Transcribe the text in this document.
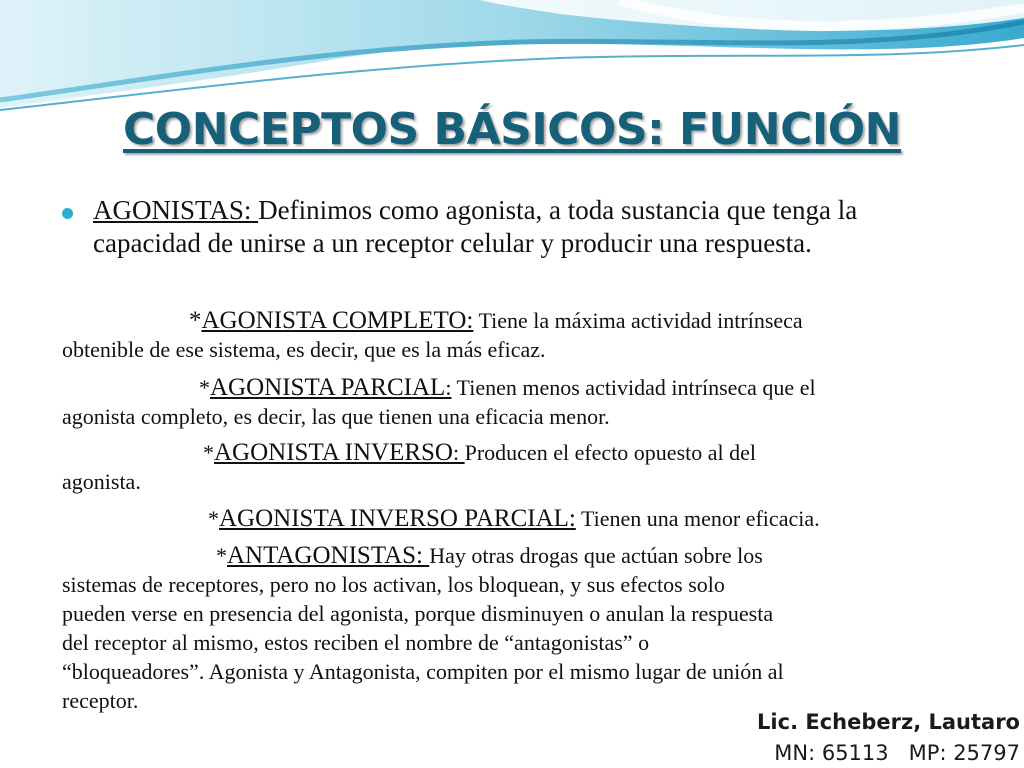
CONCEPTOS BÁSICOS: FUNCIÓN

AGONISTAS: Definimos como agonista, a toda sustancia que tenga la capacidad de unirse a un receptor celular y producir una respuesta.

*AGONISTA COMPLETO: Tiene la máxima actividad intrínseca
obtenible de ese sistema, es decir, que es la más eficaz.

*AGONISTA PARCIAL: Tienen menos actividad intrínseca que el
agonista completo, es decir, las que tienen una eficacia menor.

*AGONISTA INVERSO: Producen el efecto opuesto al del
agonista.

*AGONISTA INVERSO PARCIAL: Tienen una menor eficacia.

*ANTAGONISTAS: Hay otras drogas que actúan sobre los
sistemas de receptores, pero no los activan, los bloquean, y sus efectos solo
pueden verse en presencia del agonista, porque disminuyen o anulan la respuesta
del receptor al mismo, estos reciben el nombre de “antagonistas” o
“bloqueadores”. Agonista y Antagonista, compiten por el mismo lugar de unión al
receptor.

Lic. Echeberz, Lautaro

MN: 65113   MP: 25797
